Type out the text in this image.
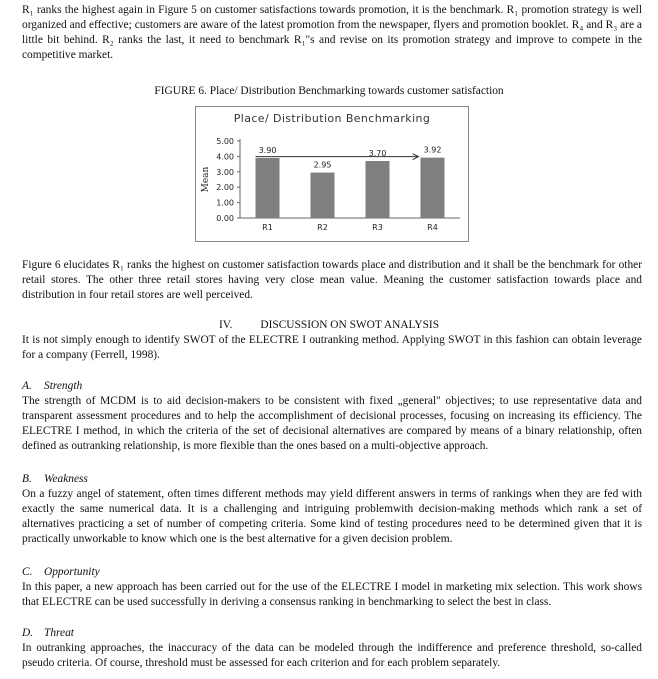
R₁ ranks the highest again in Figure 5 on customer satisfactions towards promotion, it is the benchmark. R₁ promotion strategy is well organized and effective; customers are aware of the latest promotion from the newspaper, flyers and promotion booklet. R₄ and R₃ are a little bit behind. R₂ ranks the last, it need to benchmark R₁"s and revise on its promotion strategy and improve to compete in the competitive market.

FIGURE 6. Place/ Distribution Benchmarking towards customer satisfaction
Place/ Distribution Benchmarking
0.00
1.00
2.00
3.00
4.00
5.00
Mean
3.90
R1
2.95
R2
3.70
R3
3.92
R4

Figure 6 elucidates R₁ ranks the highest on customer satisfaction towards place and distribution and it shall be the benchmark for other retail stores. The other three retail stores having very close mean value. Meaning the customer satisfaction towards place and distribution in four retail stores are well perceived.

IV. DISCUSSION ON SWOT ANALYSIS

It is not simply enough to identify SWOT of the ELECTRE I outranking method. Applying SWOT in this fashion can obtain leverage for a company (Ferrell, 1998).

A. Strength

The strength of MCDM is to aid decision-makers to be consistent with fixed „general" objectives; to use representative data and transparent assessment procedures and to help the accomplishment of decisional processes, focusing on increasing its efficiency. The ELECTRE I method, in which the criteria of the set of decisional alternatives are compared by means of a binary relationship, often defined as outranking relationship, is more flexible than the ones based on a multi-objective approach.

B. Weakness

On a fuzzy angel of statement, often times different methods may yield different answers in terms of rankings when they are fed with exactly the same numerical data. It is a challenging and intriguing problemwith decision-making methods which rank a set of alternatives practicing a set of number of competing criteria. Some kind of testing procedures need to be determined given that it is practically unworkable to know which one is the best alternative for a given decision problem.

C. Opportunity

In this paper, a new approach has been carried out for the use of the ELECTRE I model in marketing mix selection. This work shows that ELECTRE can be used successfully in deriving a consensus ranking in benchmarking to select the best in class.

D. Threat

In outranking approaches, the inaccuracy of the data can be modeled through the indifference and preference threshold, so-called pseudo criteria. Of course, threshold must be assessed for each criterion and for each problem separately.
